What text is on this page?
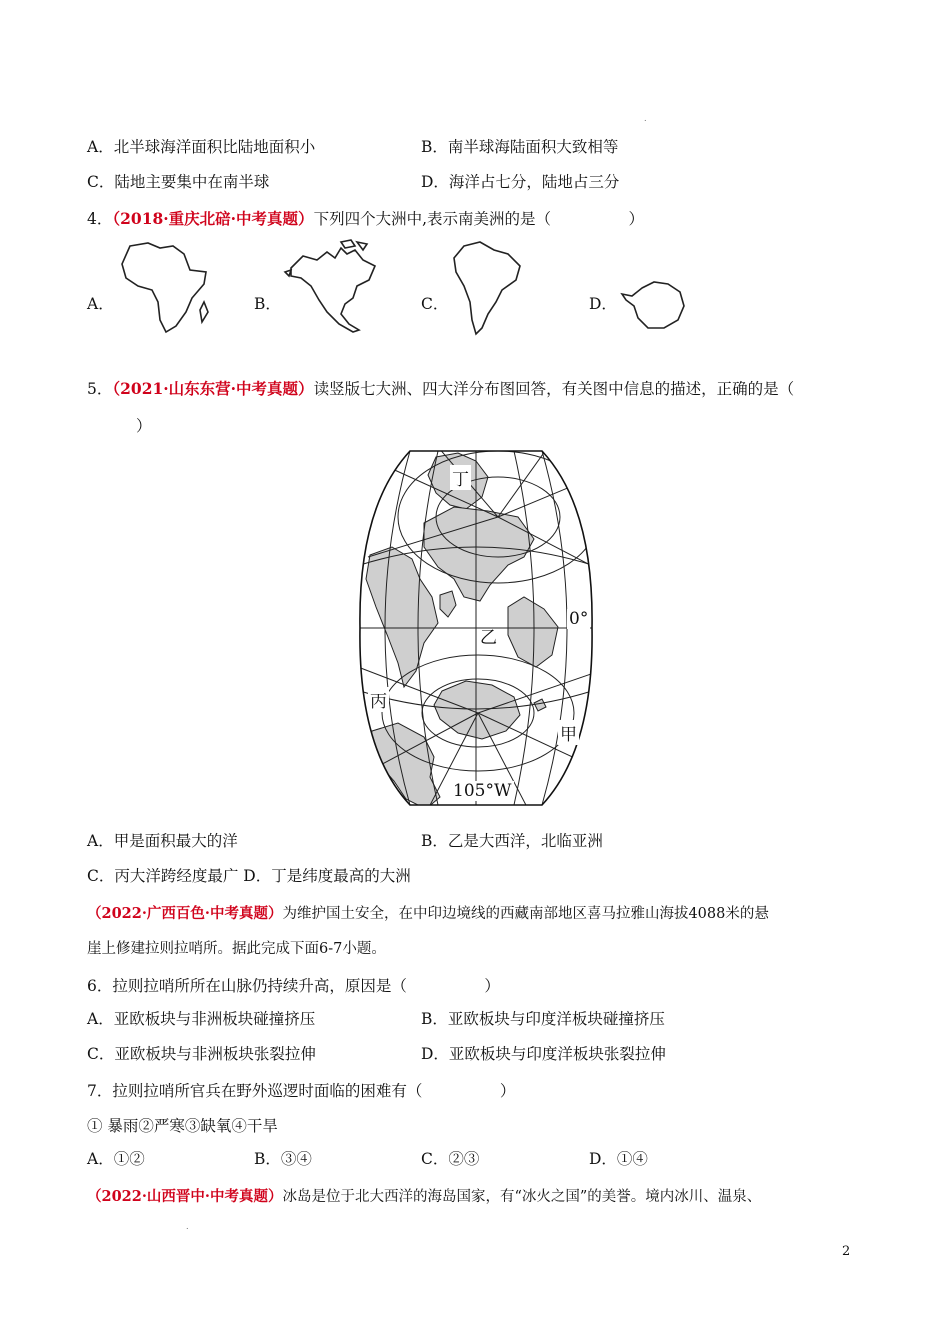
.
.
A．北半球海洋面积比陆地面积小	B．南半球海陆面积大致相等
C．陆地主要集中在南半球	D．海洋占七分，陆地占三分
4．（2018·重庆北碚·中考真题）下列四个大洲中,表示南美洲的是（　　　　　）
A．	B．	C．	D．
5．（2021·山东东营·中考真题）读竖版七大洲、四大洋分布图回答，有关图中信息的描述，正确的是（
）
丁
乙
丙
甲
0°
105°W
A．甲是面积最大的洋	B．乙是大西洋，北临亚洲
C．丙大洋跨经度最广 D．丁是纬度最高的大洲
（2022·广西百色·中考真题）为维护国土安全，在中印边境线的西藏南部地区喜马拉雅山海拔4088米的悬
崖上修建拉则拉哨所。据此完成下面6-7小题。
6．拉则拉哨所所在山脉仍持续升高，原因是（　　　　　）
A．亚欧板块与非洲板块碰撞挤压	B．亚欧板块与印度洋板块碰撞挤压
C．亚欧板块与非洲板块张裂拉伸	D．亚欧板块与印度洋板块张裂拉伸
7．拉则拉哨所官兵在野外巡逻时面临的困难有（　　　　　）
① 暴雨②严寒③缺氧④干旱
A．①②	B．③④	C．②③	D．①④
（2022·山西晋中·中考真题）冰岛是位于北大西洋的海岛国家，有“冰火之国”的美誉。境内冰川、温泉、
2
